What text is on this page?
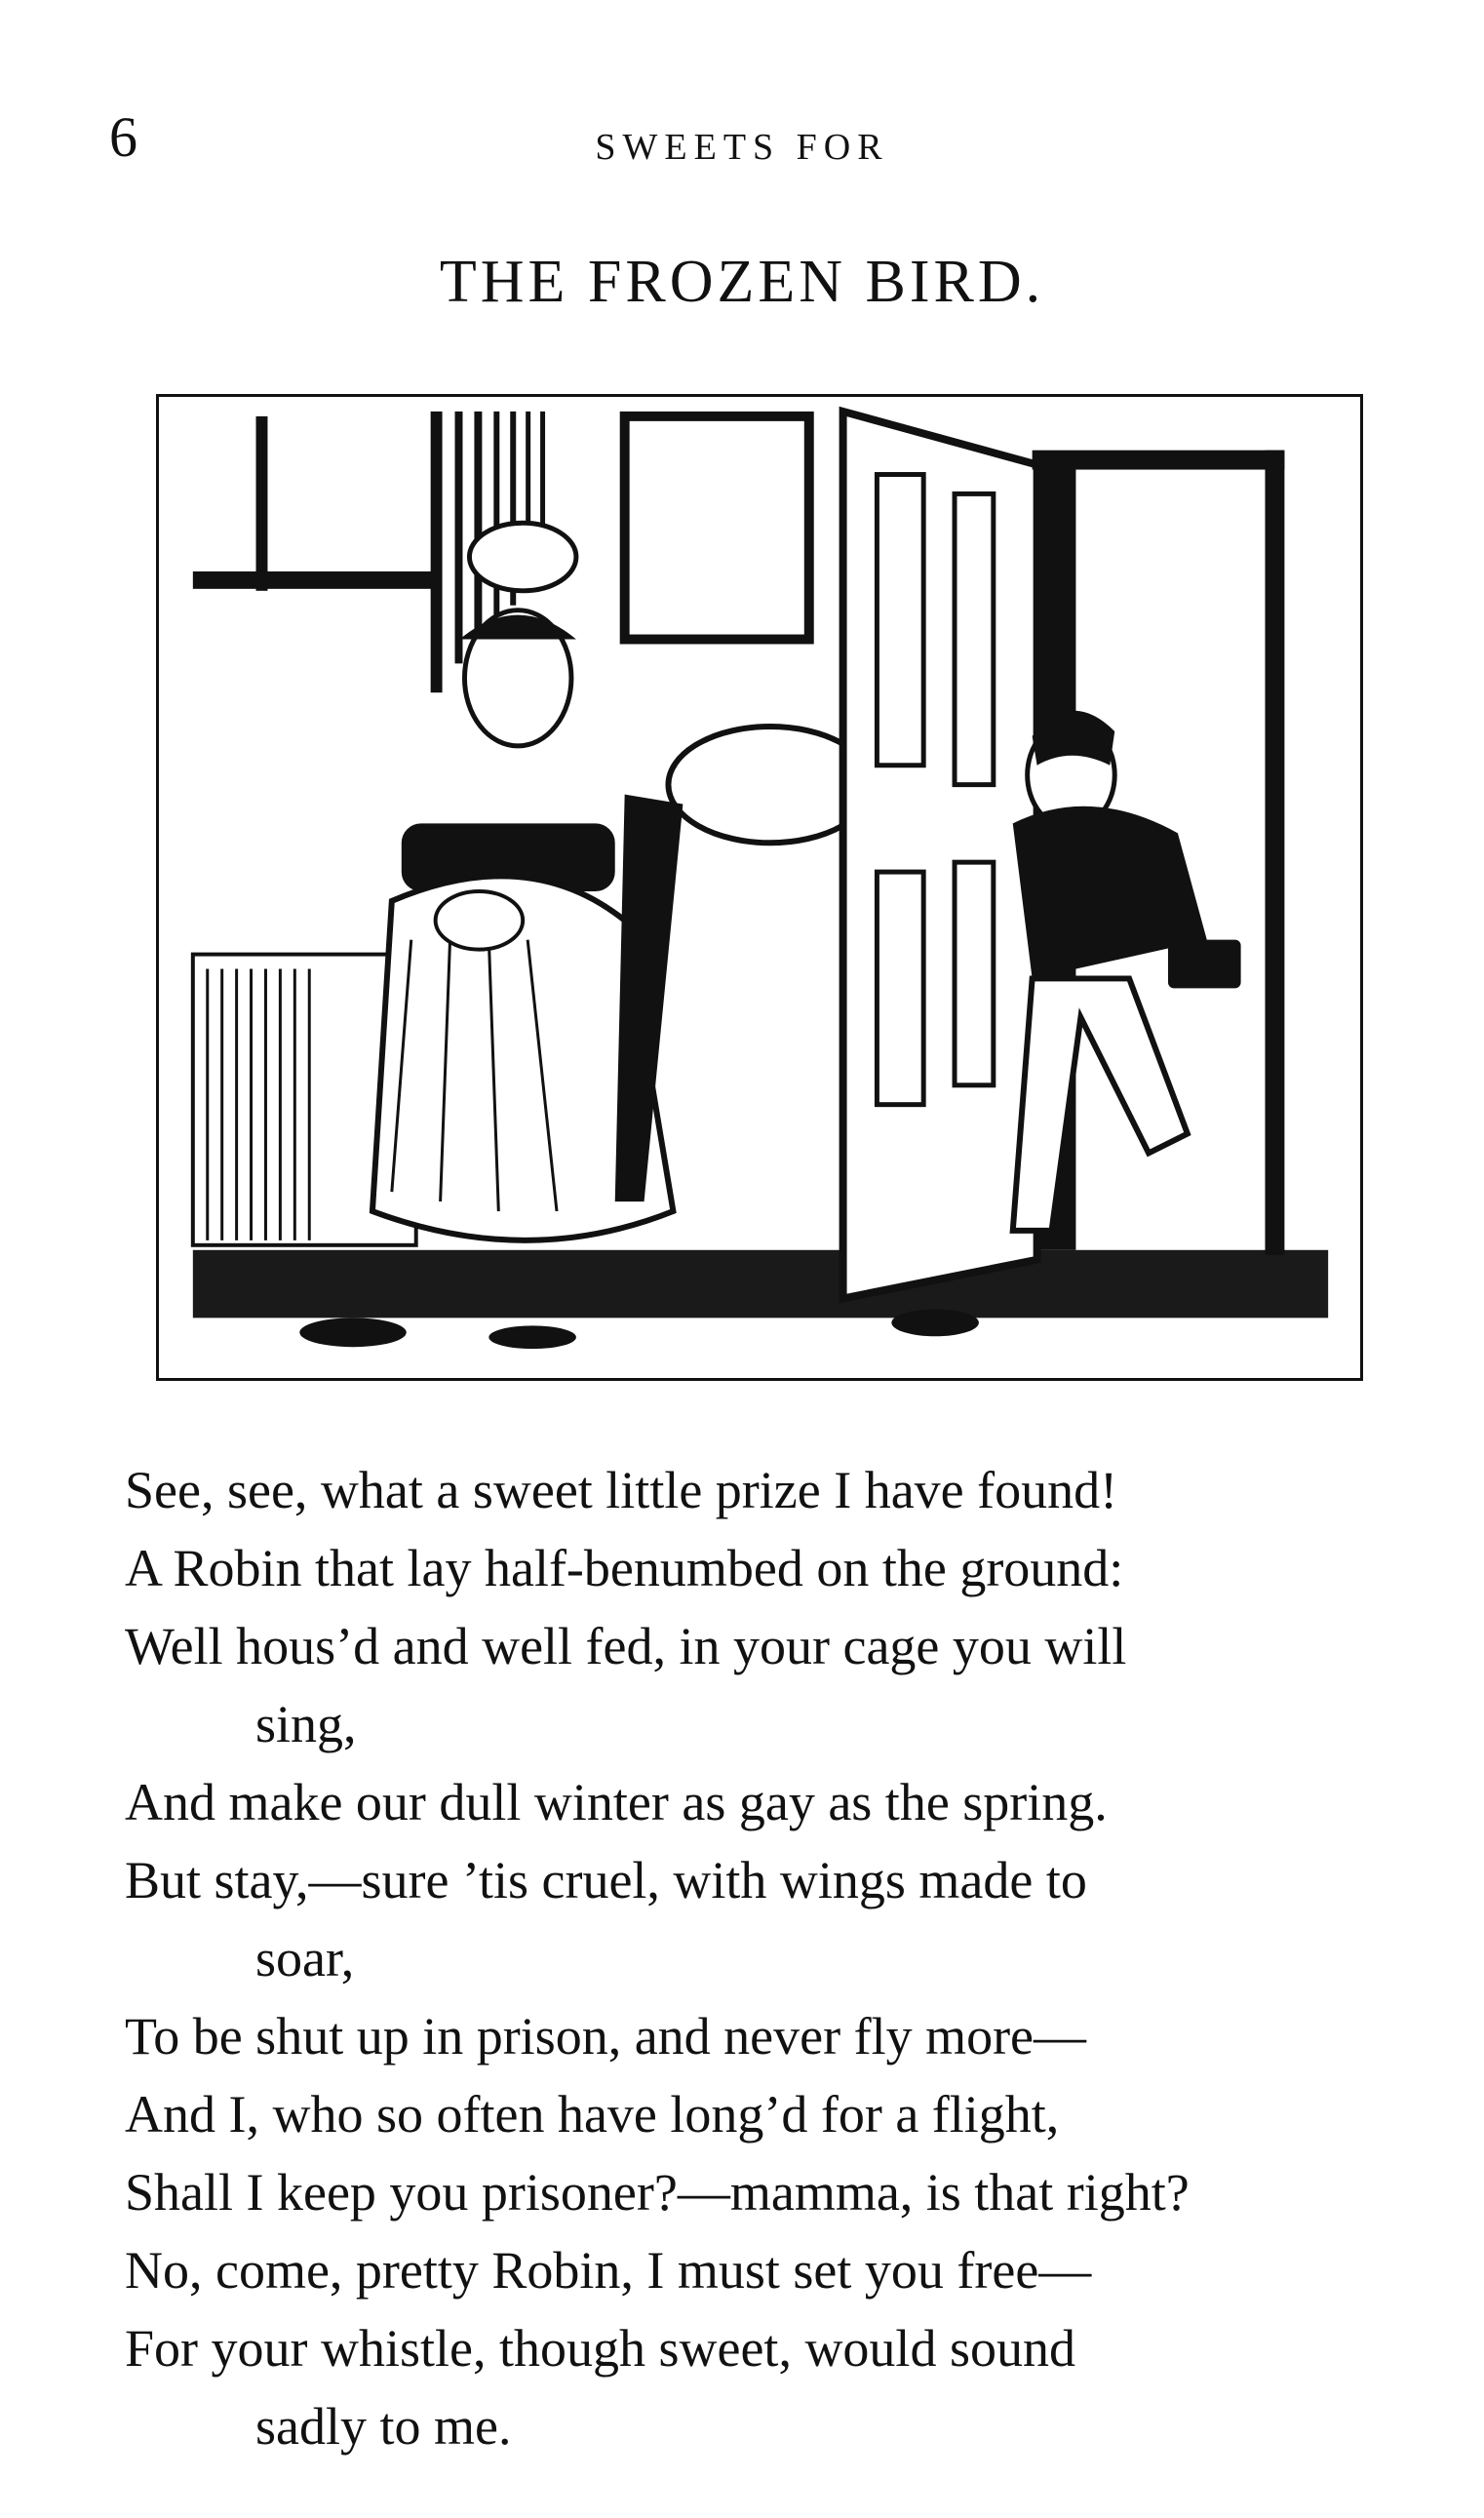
6	SWEETS FOR
THE FROZEN BIRD.
See, see, what a sweet little prize I have found!
A Robin that lay half-benumbed on the ground:
Well hous’d and well fed, in your cage you will
sing,
And make our dull winter as gay as the spring.
But stay,—sure ’tis cruel, with wings made to
soar,
To be shut up in prison, and never fly more—
And I, who so often have long’d for a flight,
Shall I keep you prisoner?—mamma, is that right?
No, come, pretty Robin, I must set you free—
For your whistle, though sweet, would sound
sadly to me.
